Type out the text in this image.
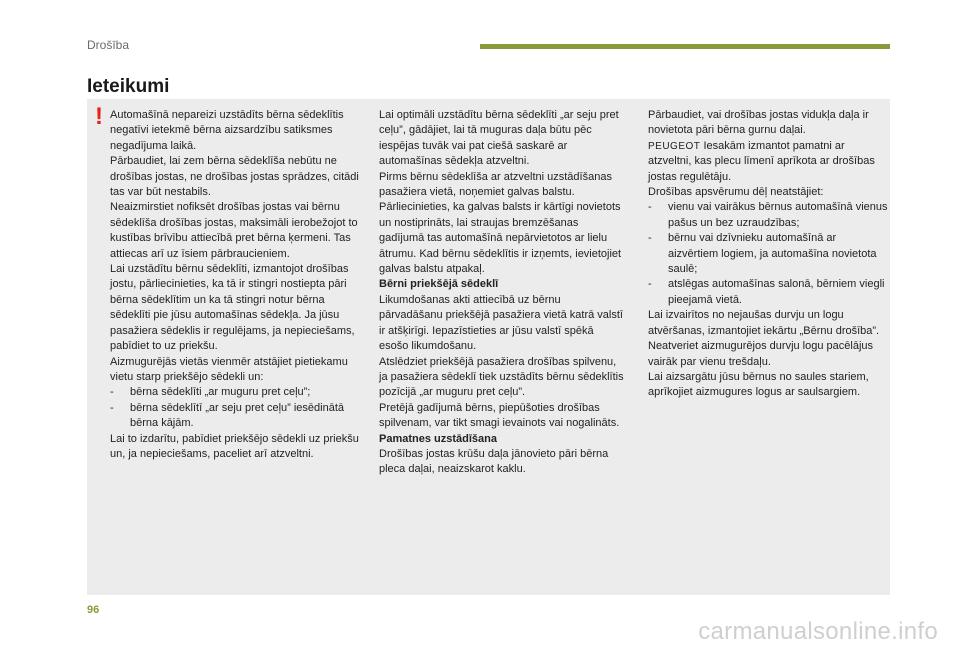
Drošība
Ieteikumi
! Automašīnā nepareizi uzstādīts bērna sēdeklītis negatīvi ietekmē bērna aizsardzību satiksmes negadījuma laikā.
Pārbaudiet, lai zem bērna sēdeklīša nebūtu ne drošības jostas, ne drošības jostas sprādzes, citādi tas var būt nestabils.
Neaizmirstiet nofiksēt drošības jostas vai bērnu sēdeklīša drošības jostas, maksimāli ierobežojot to kustības brīvību attiecībā pret bērna ķermeni. Tas attiecas arī uz īsiem pārbraucieniem.
Lai uzstādītu bērnu sēdeklīti, izmantojot drošības jostu, pārliecinieties, ka tā ir stingri nostiepta pāri bērna sēdeklītim un ka tā stingri notur bērna sēdeklīti pie jūsu automašīnas sēdekļa. Ja jūsu pasažiera sēdeklis ir regulējams, ja nepieciešams, pabīdiet to uz priekšu.
Aizmugurējās vietās vienmēr atstājiet pietiekamu vietu starp priekšējo sēdekli un:
- bērna sēdeklīti „ar muguru pret ceļu”;
- bērna sēdeklītī „ar seju pret ceļu” iesēdinātā bērna kājām.
Lai to izdarītu, pabīdiet priekšējo sēdekli uz priekšu un, ja nepieciešams, paceliet arī atzveltni.
Lai optimāli uzstādītu bērna sēdeklīti „ar seju pret ceļu”, gādājiet, lai tā muguras daļa būtu pēc iespējas tuvāk vai pat ciešā saskarē ar automašīnas sēdekļa atzveltni.
Pirms bērnu sēdeklīša ar atzveltni uzstādīšanas pasažiera vietā, noņemiet galvas balstu.
Pārliecinieties, ka galvas balsts ir kārtīgi novietots un nostiprināts, lai straujas bremzēšanas gadījumā tas automašīnā nepārvietotos ar lielu ātrumu. Kad bērnu sēdeklītis ir izņemts, ievietojiet galvas balstu atpakaļ.
Bērni priekšējā sēdeklī
Likumdošanas akti attiecībā uz bērnu pārvadāšanu priekšējā pasažiera vietā katrā valstī ir atšķirīgi. Iepazīstieties ar jūsu valstī spēkā esošo likumdošanu.
Atslēdziet priekšējā pasažiera drošības spilvenu, ja pasažiera sēdeklī tiek uzstādīts bērnu sēdeklītis pozīcijā „ar muguru pret ceļu”.
Pretējā gadījumā bērns, piepūšoties drošības spilvenam, var tikt smagi ievainots vai nogalināts.
Pamatnes uzstādīšana
Drošības jostas krūšu daļa jānovieto pāri bērna pleca daļai, neaizskarot kaklu.
Pārbaudiet, vai drošības jostas vidukļa daļa ir novietota pāri bērna gurnu daļai.
PEUGEOT Iesakām izmantot pamatni ar atzveltni, kas plecu līmenī aprīkota ar drošības jostas regulētāju.
Drošības apsvērumu dēļ neatstājiet:
- vienu vai vairākus bērnus automašīnā vienus pašus un bez uzraudzības;
- bērnu vai dzīvnieku automašīnā ar aizvērtiem logiem, ja automašīna novietota saulē;
- atslēgas automašīnas salonā, bērniem viegli pieejamā vietā.
Lai izvairītos no nejaušas durvju un logu atvēršanas, izmantojiet iekārtu „Bērnu drošība”.
Neatveriet aizmugurējos durvju logu pacēlājus vairāk par vienu trešdaļu.
Lai aizsargātu jūsu bērnus no saules stariem, aprīkojiet aizmugures logus ar saulsargiem.
96
carmanualsonline.info
